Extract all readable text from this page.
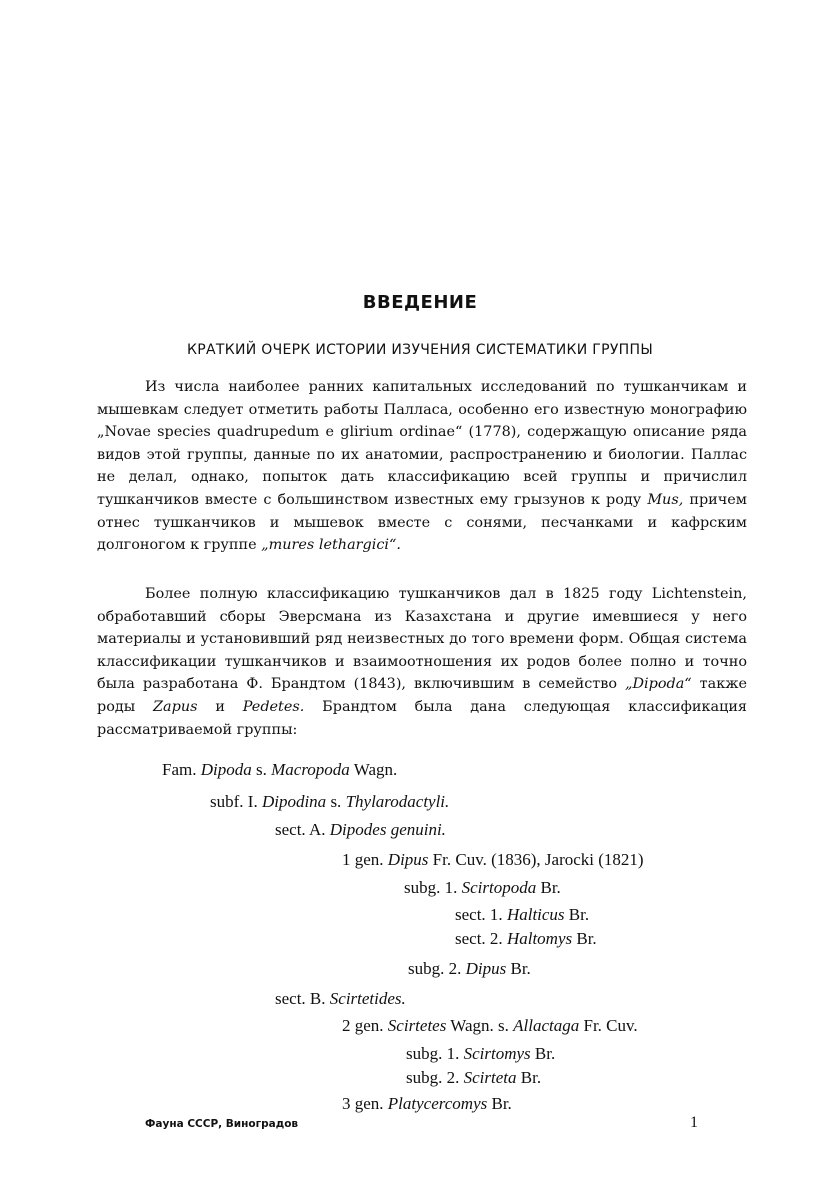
ВВЕДЕНИЕ
КРАТКИЙ ОЧЕРК ИСТОРИИ ИЗУЧЕНИЯ СИСТЕМАТИКИ ГРУППЫ

Из числа наиболее ранних капитальных исследований по тушканчикам и мышевкам следует отметить работы Палласа, особенно его известную монографию „Novae species quadrupedum e glirium ordinae“ (1778), содержащую описание ряда видов этой группы, данные по их анатомии, распространению и биологии. Паллас не делал, однако, попыток дать классификацию всей группы и причислил тушканчиков вместе с большинством известных ему грызунов к роду Mus, причем отнес тушканчиков и мышевок вместе с сонями, песчанками и кафрским долгоногом к группе „mures lethargici“.

Более полную классификацию тушканчиков дал в 1825 году Lichtenstein, обработавший сборы Эверсмана из Казахстана и другие имевшиеся у него материалы и установивший ряд неизвестных до того времени форм. Общая система классификации тушканчиков и взаимоотношения их родов более полно и точно была разработана Ф. Брандтом (1843), включившим в семейство „Dipoda“ также роды Zapus и Pedetes. Брандтом была дана следующая классификация рассматриваемой группы:

Fam. Dipoda s. Macropoda Wagn.
subf. I. Dipodina s. Thylarodactyli.
sect. A. Dipodes genuini.
1 gen. Dipus Fr. Cuv. (1836), Jarocki (1821)
subg. 1. Scirtopoda Br.
sect. 1. Halticus Br.
sect. 2. Haltomys Br.
subg. 2. Dipus Br.
sect. B. Scirtetides.
2 gen. Scirtetes Wagn. s. Allactaga Fr. Cuv.
subg. 1. Scirtomys Br.
subg. 2. Scirteta Br.
3 gen. Platycercomys Br.
Фауна СССР, Виноградов	1
